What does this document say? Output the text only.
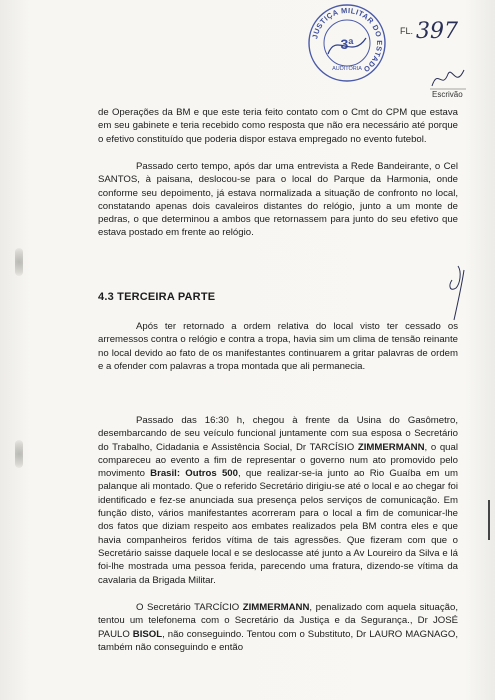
JUSTIÇA MILITAR DO ESTADO
3ª
AUDITORIA
FL. 397
Escrivão

de Operações da BM e que este teria feito contato com o Cmt do CPM que estava em seu gabinete e teria recebido como resposta que não era necessário até porque o efetivo constituído que poderia dispor estava empregado no evento futebol.

Passado certo tempo, após dar uma entrevista a Rede Bandeirante, o Cel SANTOS, à paisana, deslocou-se para o local do Parque da Harmonia, onde conforme seu depoimento, já estava normalizada a situação de confronto no local, constatando apenas dois cavaleiros distantes do relógio, junto a um monte de pedras, o que determinou a ambos que retornassem para junto do seu efetivo que estava postado em frente ao relógio.

4.3 TERCEIRA PARTE

Após ter retornado a ordem relativa do local visto ter cessado os arremessos contra o relógio e contra a tropa, havia sim um clima de tensão reinante no local devido ao fato de os manifestantes continuarem a gritar palavras de ordem e a ofender com palavras a tropa montada que ali permanecia.

Passado das 16:30 h, chegou à frente da Usina do Gasômetro, desembarcando de seu veículo funcional juntamente com sua esposa o Secretário do Trabalho, Cidadania e Assistência Social, Dr TARCÍSIO ZIMMERMANN, o qual compareceu ao evento a fim de representar o governo num ato promovido pelo movimento Brasil: Outros 500, que realizar-se-ia junto ao Rio Guaíba em um palanque ali montado. Que o referido Secretário dirigiu-se até o local e ao chegar foi identificado e fez-se anunciada sua presença pelos serviços de comunicação. Em função disto, vários manifestantes acorreram para o local a fim de comunicar-lhe dos fatos que diziam respeito aos embates realizados pela BM contra eles e que havia companheiros feridos vítima de tais agressões. Que fizeram com que o Secretário saisse daquele local e se deslocasse até junto a Av Loureiro da Silva e lá foi-lhe mostrada uma pessoa ferida, parecendo uma fratura, dizendo-se vítima da cavalaria da Brigada Militar.

O Secretário TARCÍCIO ZIMMERMANN, penalizado com aquela situação, tentou um telefonema com o Secretário da Justiça e da Segurança., Dr JOSÉ PAULO BISOL, não conseguindo. Tentou com o Substituto, Dr LAURO MAGNAGO, também não conseguindo e então
